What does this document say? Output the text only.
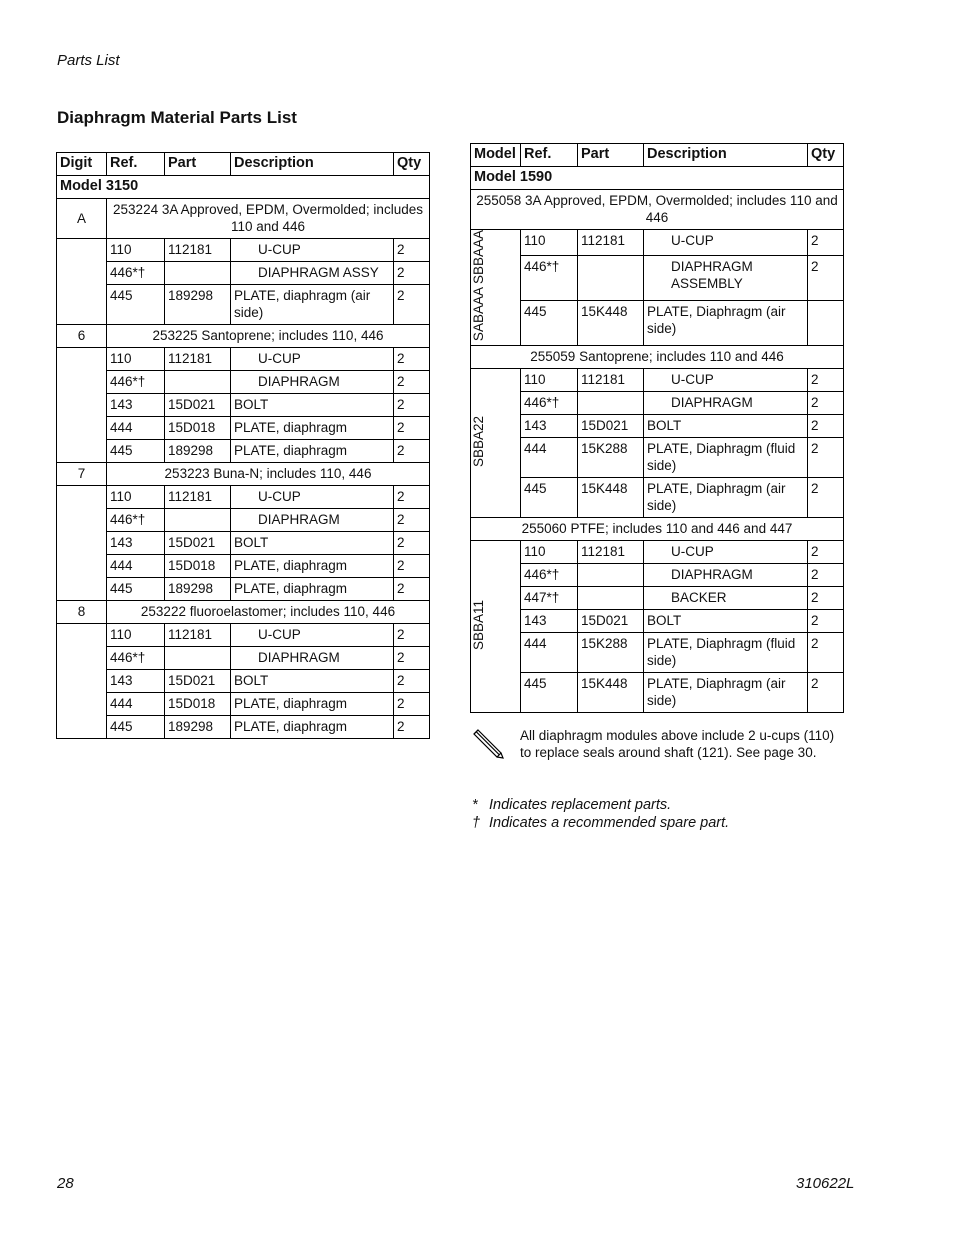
Parts List
Diaphragm Material Parts List
Digit	Ref.	Part	Description	Qty
Model 3150				
A	253224 3A Approved, EPDM, Overmolded; includes 110 and 446			
	110	112181	U-CUP	2
	446*†		DIAPHRAGM ASSY	2
	445	189298	PLATE, diaphragm (air side)	2
6	253225 Santoprene; includes 110, 446			
	110	112181	U-CUP	2
	446*†		DIAPHRAGM	2
	143	15D021	BOLT	2
	444	15D018	PLATE, diaphragm	2
	445	189298	PLATE, diaphragm	2
7	253223 Buna-N; includes 110, 446			
	110	112181	U-CUP	2
	446*†		DIAPHRAGM	2
	143	15D021	BOLT	2
	444	15D018	PLATE, diaphragm	2
	445	189298	PLATE, diaphragm	2
8	253222 fluoroelastomer; includes 110, 446			
	110	112181	U-CUP	2
	446*†		DIAPHRAGM	2
	143	15D021	BOLT	2
	444	15D018	PLATE, diaphragm	2
	445	189298	PLATE, diaphragm	2
Model	Ref.	Part	Description	Qty
Model 1590				
255058 3A Approved, EPDM, Overmolded; includes 110 and 446				
SABAAA SBBAAA	110	112181	U-CUP	2
	446*†		DIAPHRAGM ASSEMBLY	2
	445	15K448	PLATE, Diaphragm (air side)	
255059 Santoprene; includes 110 and 446				
SBBA22	110	112181	U-CUP	2
	446*†		DIAPHRAGM	2
	143	15D021	BOLT	2
	444	15K288	PLATE, Diaphragm (fluid side)	2
	445	15K448	PLATE, Diaphragm (air side)	2
255060 PTFE; includes 110 and 446 and 447				
SBBA11	110	112181	U-CUP	2
	446*†		DIAPHRAGM	2
	447*†		BACKER	2
	143	15D021	BOLT	2
	444	15K288	PLATE, Diaphragm (fluid side)	2
	445	15K448	PLATE, Diaphragm (air side)	2
All diaphragm modules above include 2 u-cups (110) to replace seals around shaft (121). See page 30.
* Indicates replacement parts.
† Indicates a recommended spare part.
28	310622L
